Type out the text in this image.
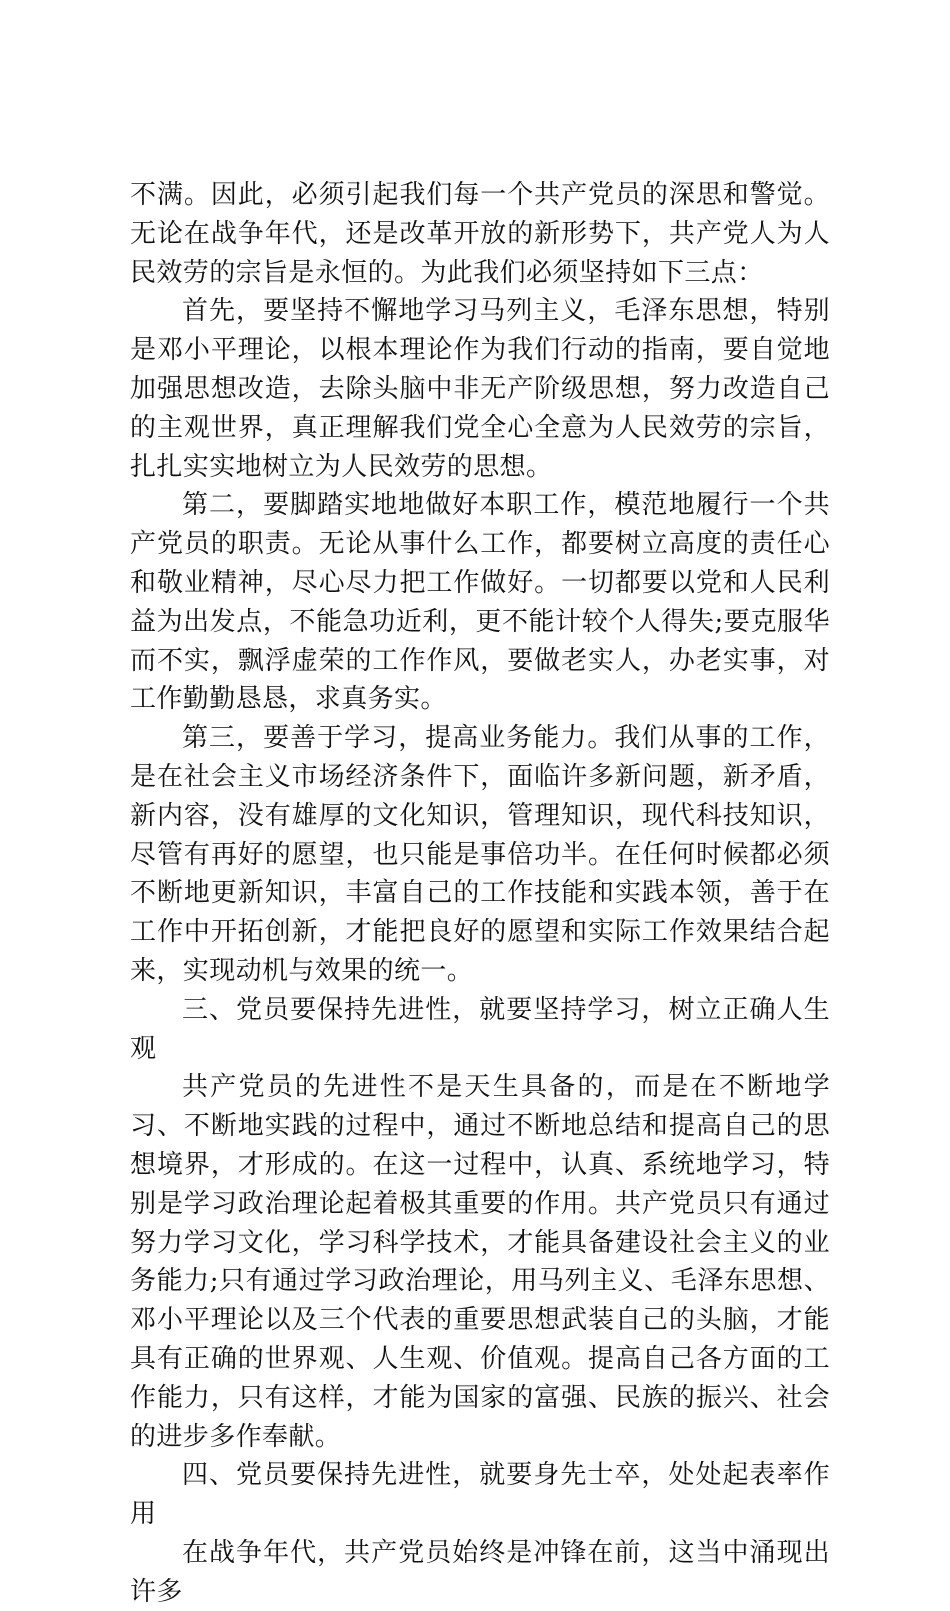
不满。因此，必须引起我们每一个共产党员的深思和警觉。无论在战争年代，还是改革开放的新形势下，共产党人为人民效劳的宗旨是永恒的。为此我们必须坚持如下三点：

首先，要坚持不懈地学习马列主义，毛泽东思想，特别是邓小平理论，以根本理论作为我们行动的指南，要自觉地加强思想改造，去除头脑中非无产阶级思想，努力改造自己的主观世界，真正理解我们党全心全意为人民效劳的宗旨，扎扎实实地树立为人民效劳的思想。

第二，要脚踏实地地做好本职工作，模范地履行一个共产党员的职责。无论从事什么工作，都要树立高度的责任心和敬业精神，尽心尽力把工作做好。一切都要以党和人民利益为出发点，不能急功近利，更不能计较个人得失;要克服华而不实，飘浮虚荣的工作作风，要做老实人，办老实事，对工作勤勤恳恳，求真务实。

第三，要善于学习，提高业务能力。我们从事的工作，是在社会主义市场经济条件下，面临许多新问题，新矛盾，新内容，没有雄厚的文化知识，管理知识，现代科技知识，尽管有再好的愿望，也只能是事倍功半。在任何时候都必须不断地更新知识，丰富自己的工作技能和实践本领，善于在工作中开拓创新，才能把良好的愿望和实际工作效果结合起来，实现动机与效果的统一。

三、党员要保持先进性，就要坚持学习，树立正确人生观

共产党员的先进性不是天生具备的，而是在不断地学习、不断地实践的过程中，通过不断地总结和提高自己的思想境界，才形成的。在这一过程中，认真、系统地学习，特别是学习政治理论起着极其重要的作用。共产党员只有通过努力学习文化，学习科学技术，才能具备建设社会主义的业务能力;只有通过学习政治理论，用马列主义、毛泽东思想、邓小平理论以及三个代表的重要思想武装自己的头脑，才能具有正确的世界观、人生观、价值观。提高自己各方面的工作能力，只有这样，才能为国家的富强、民族的振兴、社会的进步多作奉献。

四、党员要保持先进性，就要身先士卒，处处起表率作用

在战争年代，共产党员始终是冲锋在前，这当中涌现出许多
